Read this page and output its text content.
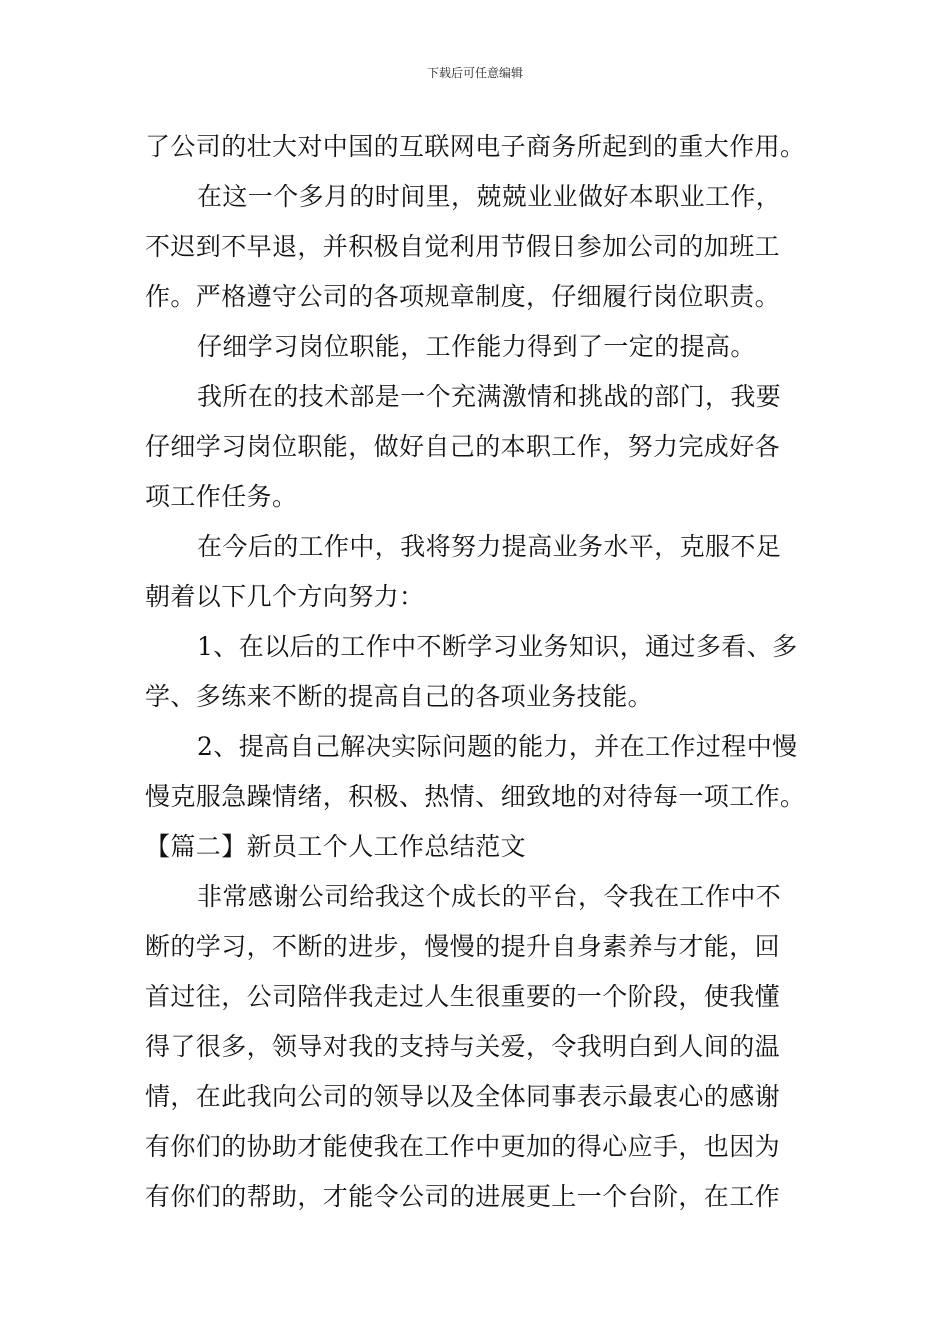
下载后可任意编辑
了公司的壮大对中国的互联网电子商务所起到的重大作用。
在这一个多月的时间里，兢兢业业做好本职业工作，
不迟到不早退，并积极自觉利用节假日参加公司的加班工
作。严格遵守公司的各项规章制度，仔细履行岗位职责。
仔细学习岗位职能，工作能力得到了一定的提高。
我所在的技术部是一个充满激情和挑战的部门，我要
仔细学习岗位职能，做好自己的本职工作，努力完成好各
项工作任务。
在今后的工作中，我将努力提高业务水平，克服不足
朝着以下几个方向努力：
1、在以后的工作中不断学习业务知识，通过多看、多
学、多练来不断的提高自己的各项业务技能。
2、提高自己解决实际问题的能力，并在工作过程中慢
慢克服急躁情绪，积极、热情、细致地的对待每一项工作。
【篇二】新员工个人工作总结范文
非常感谢公司给我这个成长的平台，令我在工作中不
断的学习，不断的进步，慢慢的提升自身素养与才能，回
首过往，公司陪伴我走过人生很重要的一个阶段，使我懂
得了很多，领导对我的支持与关爱，令我明白到人间的温
情，在此我向公司的领导以及全体同事表示最衷心的感谢
有你们的协助才能使我在工作中更加的得心应手，也因为
有你们的帮助，才能令公司的进展更上一个台阶，在工作
